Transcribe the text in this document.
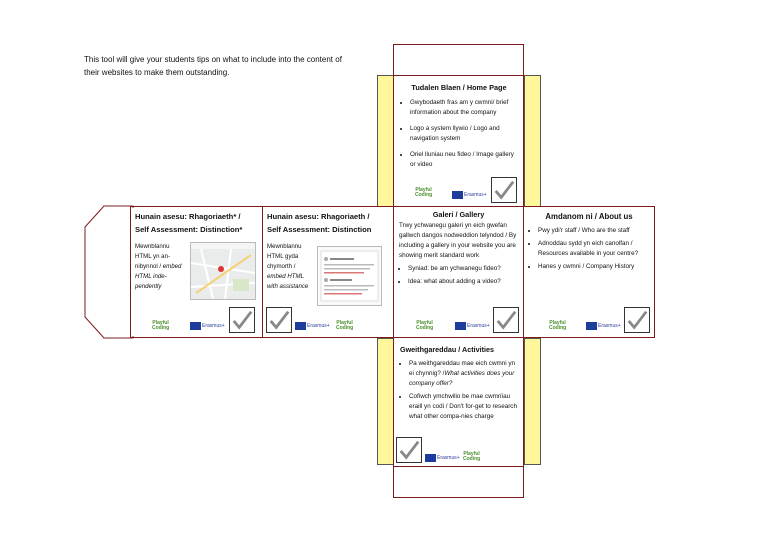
This tool will give your students tips on what to include into the content of their websites to make them outstanding.
Tudalen Blaen / Home Page
• Gwybodaeth fras am y cwmni/ brief information about the company
• Logo a system llywio / Logo and navigation system
• Oriel lluniau neu fideo / Image gallery or video
Playful
Coding	Erasmus+
Hunain asesu: Rhagoriaeth* /
Self Assessment: Distinction*
Mewnblannu HTML yn an-nibynnol / embed HTML inde-pendently
Playful
Coding	Erasmus+
Hunain asesu: Rhagoriaeth /
Self Assessment: Distinction
Mewnblannu HTML gyda chymorth / embed HTML with assistance
Erasmus+ Playful
Coding
Galeri / Gallery
Trwy ychwanegu galeri yn eich gwefan gallwch dangos nodweddion telyndod / By including a gallery in your website you are showing merit standard work
• Syniad: be am ychwanegu fideo?
• Idea: what about adding a video?
Playful
Coding	Erasmus+
Amdanom ni / About us
• Pwy ydi'r staff / Who are the staff
• Adnoddau sydd yn eich canolfan / Resources available in your centre?
• Hanes y cwmni / Company History
Playful
Coding	Erasmus+
Gweithgareddau / Activities
• Pa weithgareddau mae eich cwmni yn ei chynnig? /What activities does your company offer?
• Cofiwch ymchwilio be mae cwmnïau eraill yn codi / Don't for-get to research what other compa-nies charge
Erasmus+
Playful
Coding
